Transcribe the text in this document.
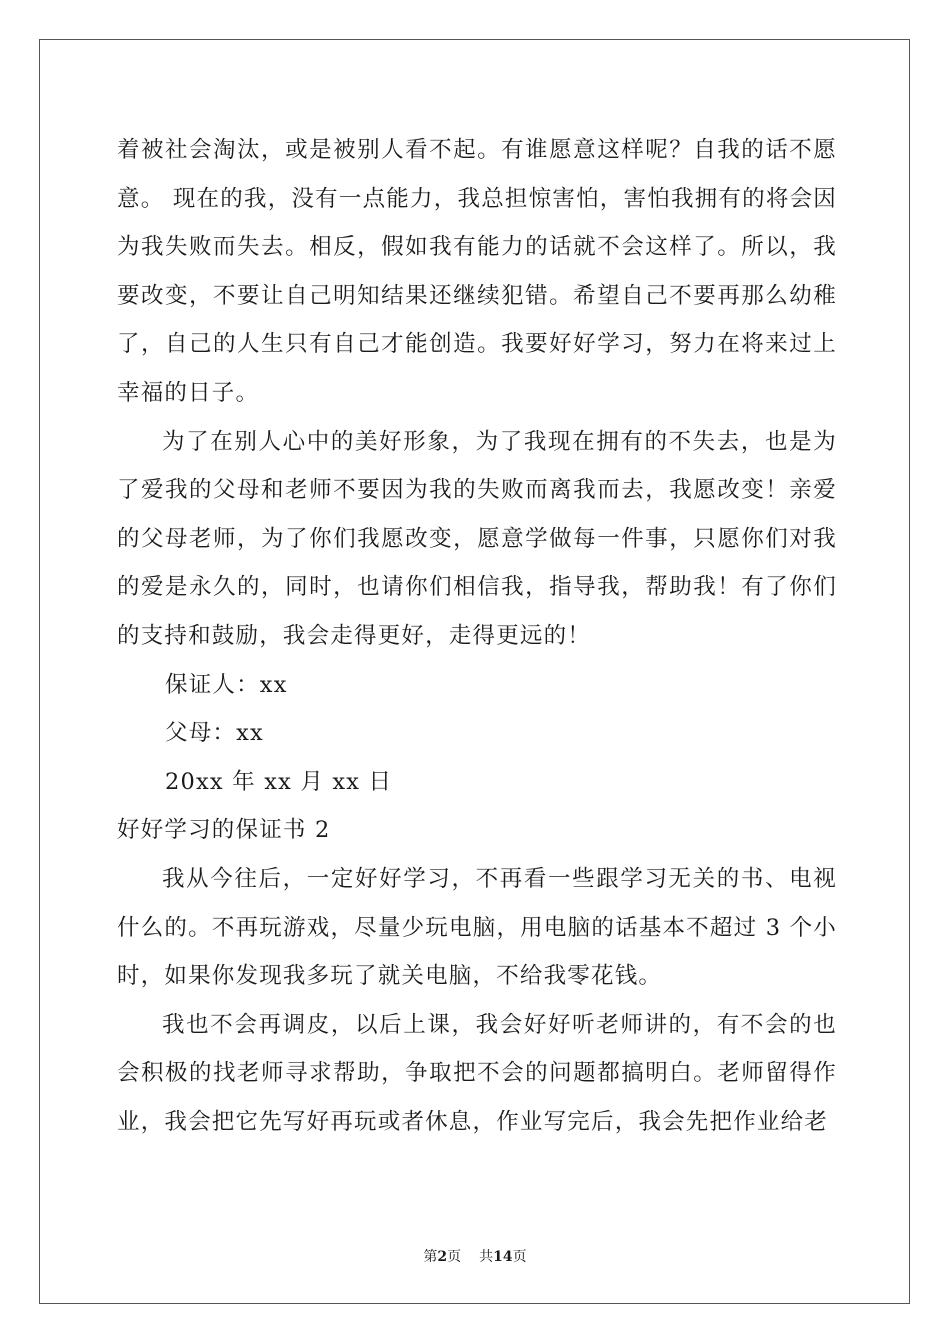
着被社会淘汰，或是被别人看不起。有谁愿意这样呢？自我的话不愿意。 现在的我，没有一点能力，我总担惊害怕，害怕我拥有的将会因为我失败而失去。相反，假如我有能力的话就不会这样了。所以，我要改变，不要让自己明知结果还继续犯错。希望自己不要再那么幼稚了，自己的人生只有自己才能创造。我要好好学习，努力在将来过上幸福的日子。

为了在别人心中的美好形象，为了我现在拥有的不失去，也是为了爱我的父母和老师不要因为我的失败而离我而去，我愿改变！亲爱的父母老师，为了你们我愿改变，愿意学做每一件事，只愿你们对我的爱是永久的，同时，也请你们相信我，指导我，帮助我！有了你们的支持和鼓励，我会走得更好，走得更远的！

保证人：xx

父母：xx

20xx 年 xx 月 xx 日

好好学习的保证书 2

我从今往后，一定好好学习，不再看一些跟学习无关的书、电视什么的。不再玩游戏，尽量少玩电脑，用电脑的话基本不超过 3 个小时，如果你发现我多玩了就关电脑，不给我零花钱。

我也不会再调皮，以后上课，我会好好听老师讲的，有不会的也会积极的找老师寻求帮助，争取把不会的问题都搞明白。老师留得作业，我会把它先写好再玩或者休息，作业写完后，我会先把作业给老

第2页 共14页
